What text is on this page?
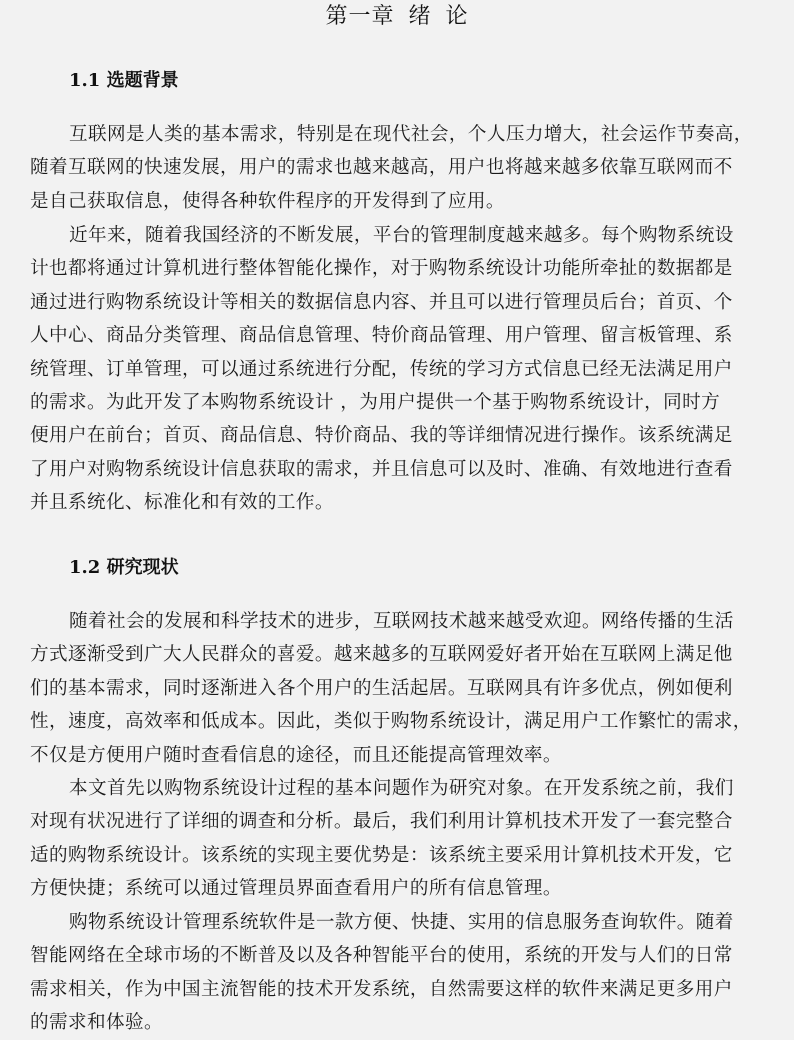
第一章 绪 论
1.1 选题背景
互联网是人类的基本需求，特别是在现代社会，个人压力增大，社会运作节奏高，
随着互联网的快速发展，用户的需求也越来越高，用户也将越来越多依靠互联网而不
是自己获取信息，使得各种软件程序的开发得到了应用。
近年来，随着我国经济的不断发展，平台的管理制度越来越多。每个购物系统设
计也都将通过计算机进行整体智能化操作，对于购物系统设计功能所牵扯的数据都是
通过进行购物系统设计等相关的数据信息内容、并且可以进行管理员后台；首页、个
人中心、商品分类管理、商品信息管理、特价商品管理、用户管理、留言板管理、系
统管理、订单管理，可以通过系统进行分配，传统的学习方式信息已经无法满足用户
的需求。为此开发了本购物系统设计 ，为用户提供一个基于购物系统设计，同时方
便用户在前台；首页、商品信息、特价商品、我的等详细情况进行操作。该系统满足
了用户对购物系统设计信息获取的需求，并且信息可以及时、准确、有效地进行查看
并且系统化、标准化和有效的工作。
1.2 研究现状
随着社会的发展和科学技术的进步，互联网技术越来越受欢迎。网络传播的生活
方式逐渐受到广大人民群众的喜爱。越来越多的互联网爱好者开始在互联网上满足他
们的基本需求，同时逐渐进入各个用户的生活起居。互联网具有许多优点，例如便利
性，速度，高效率和低成本。因此，类似于购物系统设计，满足用户工作繁忙的需求，
不仅是方便用户随时查看信息的途径，而且还能提高管理效率。
本文首先以购物系统设计过程的基本问题作为研究对象。在开发系统之前，我们
对现有状况进行了详细的调查和分析。最后，我们利用计算机技术开发了一套完整合
适的购物系统设计。该系统的实现主要优势是：该系统主要采用计算机技术开发，它
方便快捷；系统可以通过管理员界面查看用户的所有信息管理。
购物系统设计管理系统软件是一款方便、快捷、实用的信息服务查询软件。随着
智能网络在全球市场的不断普及以及各种智能平台的使用，系统的开发与人们的日常
需求相关，作为中国主流智能的技术开发系统，自然需要这样的软件来满足更多用户
的需求和体验。
